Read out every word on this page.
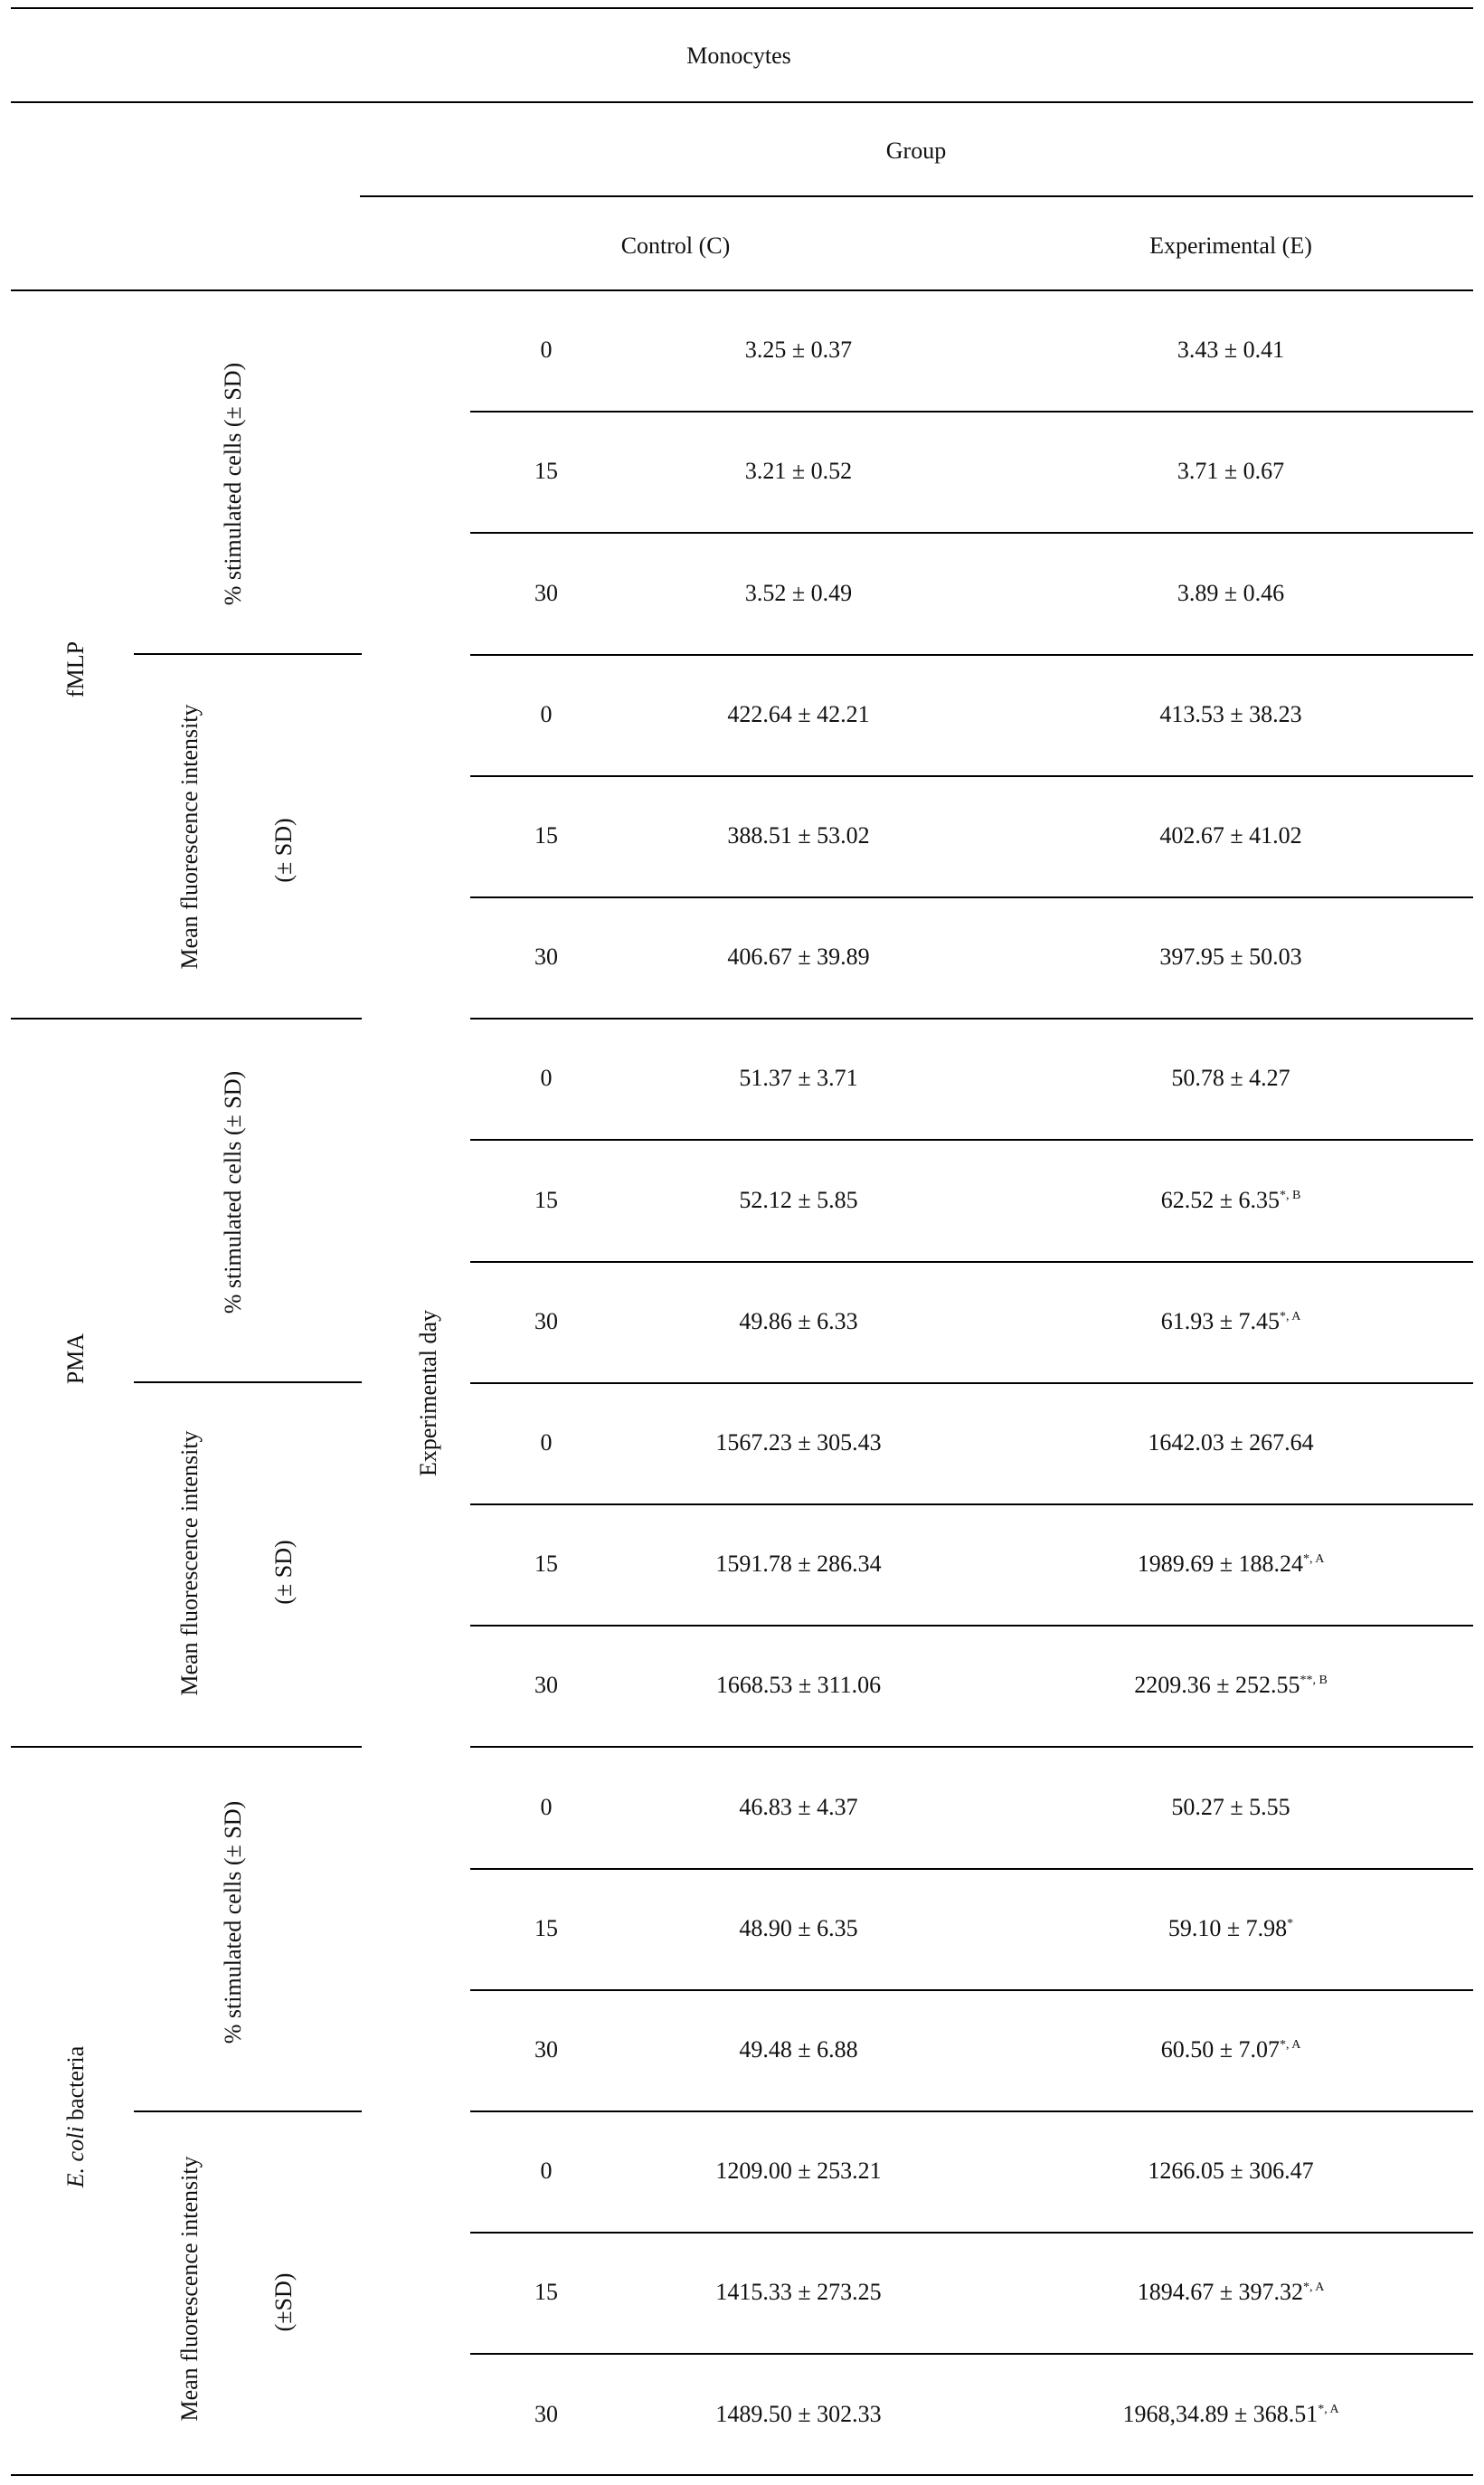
Monocytes
Group
Control (C)	Experimental (E)
fMLP
PMA
E. coli bacteria
% stimulated cells (± SD)
Mean fluorescence intensity	(± SD)
% stimulated cells (± SD)
Mean fluorescence intensity	(± SD)
% stimulated cells (± SD)
Mean fluorescence intensity	(±SD)
Experimental day
0	3.25 ± 0.37	3.43 ± 0.41
15	3.21 ± 0.52	3.71 ± 0.67
30	3.52 ± 0.49	3.89 ± 0.46
0	422.64 ± 42.21	413.53 ± 38.23
15	388.51 ± 53.02	402.67 ± 41.02
30	406.67 ± 39.89	397.95 ± 50.03
0	51.37 ± 3.71	50.78 ± 4.27
15	52.12 ± 5.85	$62.52 \pm 6.35^{*, B}$
30	49.86 ± 6.33	$61.93 \pm 7.45^{*, A}$
0	1567.23 ± 305.43	1642.03 ± 267.64
15	1591.78 ± 286.34	$1989.69 \pm 188.24^{*, A}$
30	1668.53 ± 311.06	$2209.36 \pm 252.55^{**, B}$
0	46.83 ± 4.37	50.27 ± 5.55
15	48.90 ± 6.35	59.10 ± 7.98*
30	49.48 ± 6.88	$60.50 \pm 7.07^{*, A}$
0	1209.00 ± 253.21	1266.05 ± 306.47
15	1415.33 ± 273.25	$1894.67 \pm 397.32^{*, A}$
30	1489.50 ± 302.33	$1968,34.89 \pm 368.51^{*, A}$
